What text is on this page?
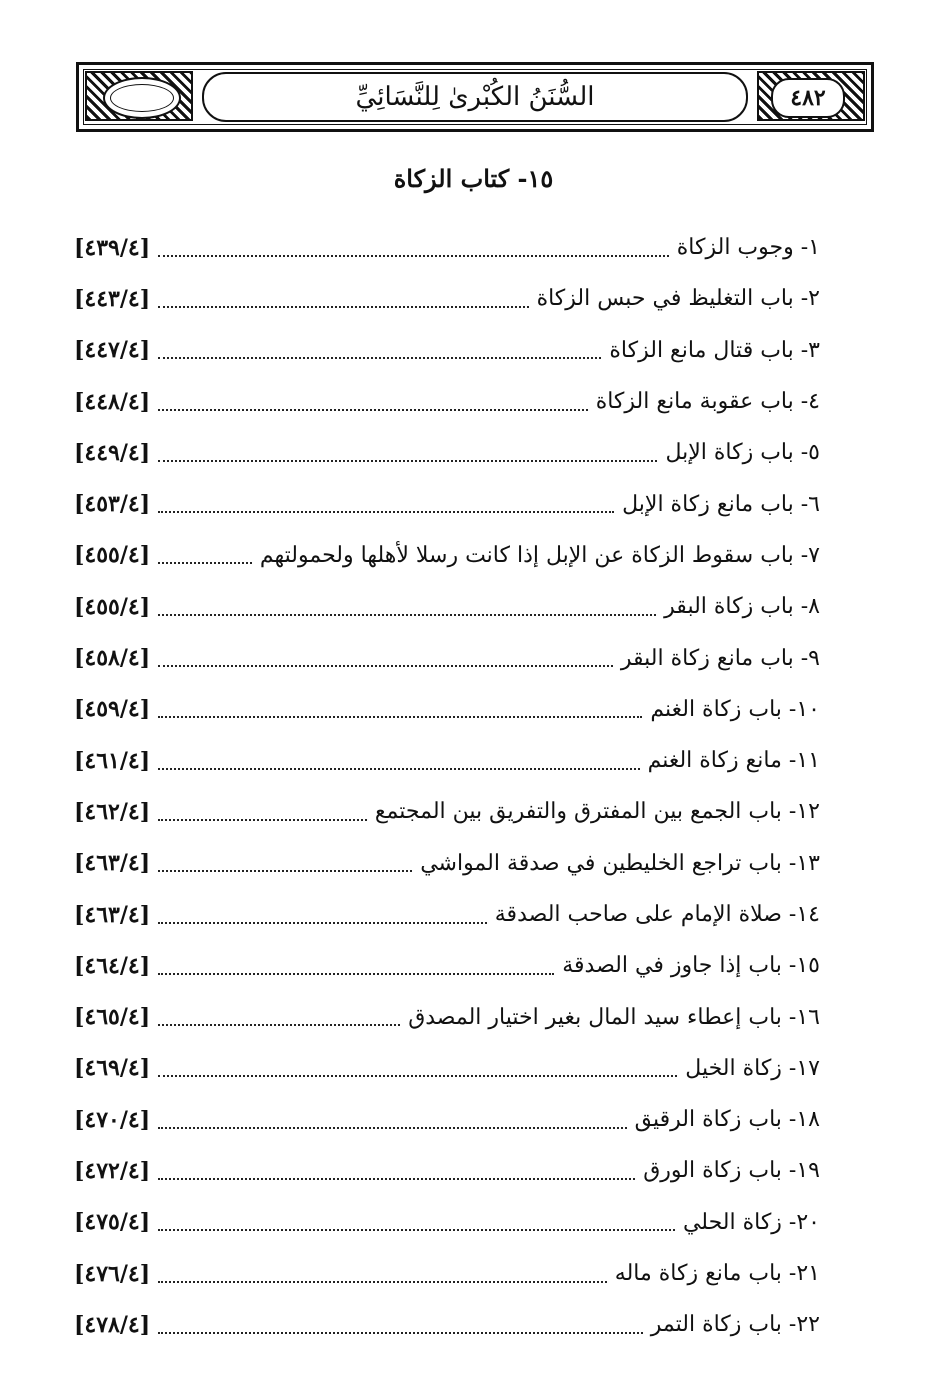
٤٨٢
السُّنَنُ الكُبْرىٰ لِلنَّسَائِيِّ
١٥- كتاب الزكاة
١- وجوب الزكاة
[٤٣٩/٤]
٢- باب التغليظ في حبس الزكاة
[٤٤٣/٤]
٣- باب قتال مانع الزكاة
[٤٤٧/٤]
٤- باب عقوبة مانع الزكاة
[٤٤٨/٤]
٥- باب زكاة الإبل
[٤٤٩/٤]
٦- باب مانع زكاة الإبل
[٤٥٣/٤]
٧- باب سقوط الزكاة عن الإبل إذا كانت رسلا لأهلها ولحمولتهم
[٤٥٥/٤]
٨- باب زكاة البقر
[٤٥٥/٤]
٩- باب مانع زكاة البقر
[٤٥٨/٤]
١٠- باب زكاة الغنم
[٤٥٩/٤]
١١- مانع زكاة الغنم
[٤٦١/٤]
١٢- باب الجمع بين المفترق والتفريق بين المجتمع
[٤٦٢/٤]
١٣- باب تراجع الخليطين في صدقة المواشي
[٤٦٣/٤]
١٤- صلاة الإمام على صاحب الصدقة
[٤٦٣/٤]
١٥- باب إذا جاوز في الصدقة
[٤٦٤/٤]
١٦- باب إعطاء سيد المال بغير اختيار المصدق
[٤٦٥/٤]
١٧- زكاة الخيل
[٤٦٩/٤]
١٨- باب زكاة الرقيق
[٤٧٠/٤]
١٩- باب زكاة الورق
[٤٧٢/٤]
٢٠- زكاة الحلي
[٤٧٥/٤]
٢١- باب مانع زكاة ماله
[٤٧٦/٤]
٢٢- باب زكاة التمر
[٤٧٨/٤]
